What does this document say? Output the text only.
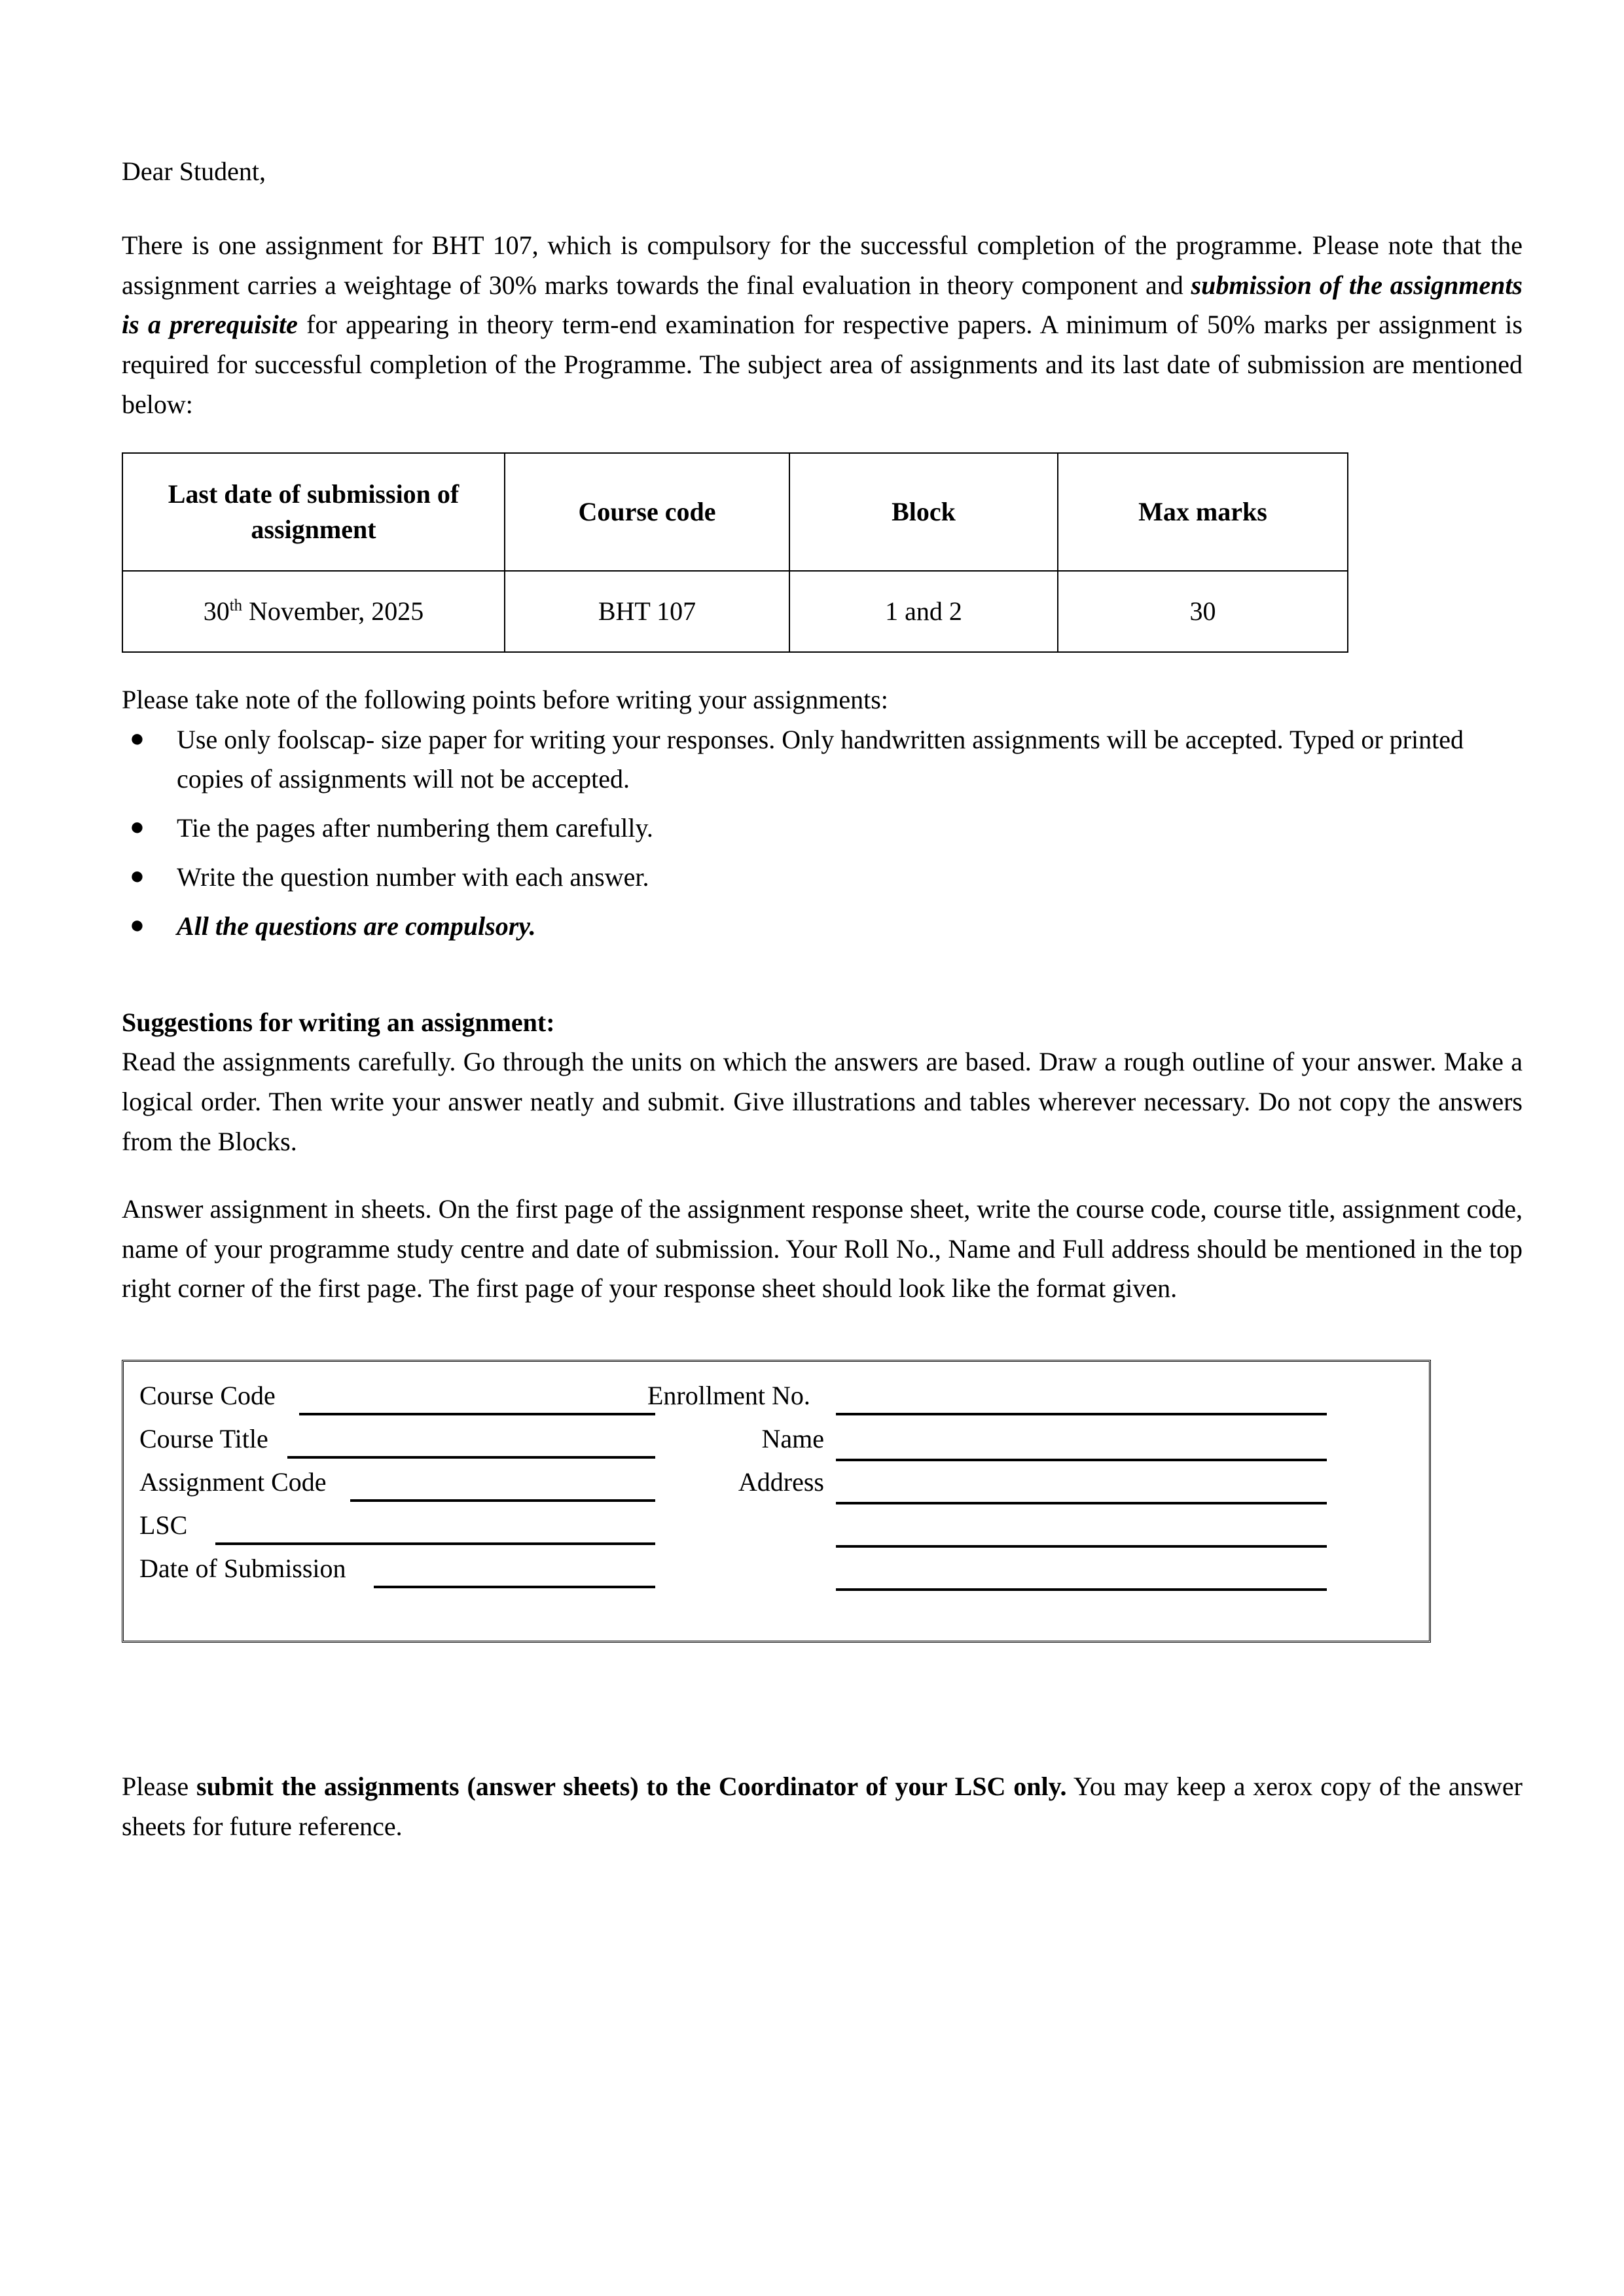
Dear Student,

There is one assignment for BHT 107, which is compulsory for the successful completion of the programme. Please note that the assignment carries a weightage of 30% marks towards the final evaluation in theory component and submission of the assignments is a prerequisite for appearing in theory term-end examination for respective papers. A minimum of 50% marks per assignment is required for successful completion of the Programme. The subject area of assignments and its last date of submission are mentioned below:

Last date of submission of assignment	Course code	Block	Max marks
30th November, 2025	BHT 107	1 and 2	30

Please take note of the following points before writing your assignments:

● Use only foolscap- size paper for writing your responses. Only handwritten assignments will be accepted. Typed or printed copies of assignments will not be accepted.
● Tie the pages after numbering them carefully.
● Write the question number with each answer.
● All the questions are compulsory.

Suggestions for writing an assignment:

Read the assignments carefully. Go through the units on which the answers are based. Draw a rough outline of your answer. Make a logical order. Then write your answer neatly and submit. Give illustrations and tables wherever necessary. Do not copy the answers from the Blocks.

Answer assignment in sheets. On the first page of the assignment response sheet, write the course code, course title, assignment code, name of your programme study centre and date of submission. Your Roll No., Name and Full address should be mentioned in the top right corner of the first page. The first page of your response sheet should look like the format given.

Course Code	Enrollment No.
Course Title	Name
Assignment Code	Address
LSC
Date of Submission

Please submit the assignments (answer sheets) to the Coordinator of your LSC only. You may keep a xerox copy of the answer sheets for future reference.
